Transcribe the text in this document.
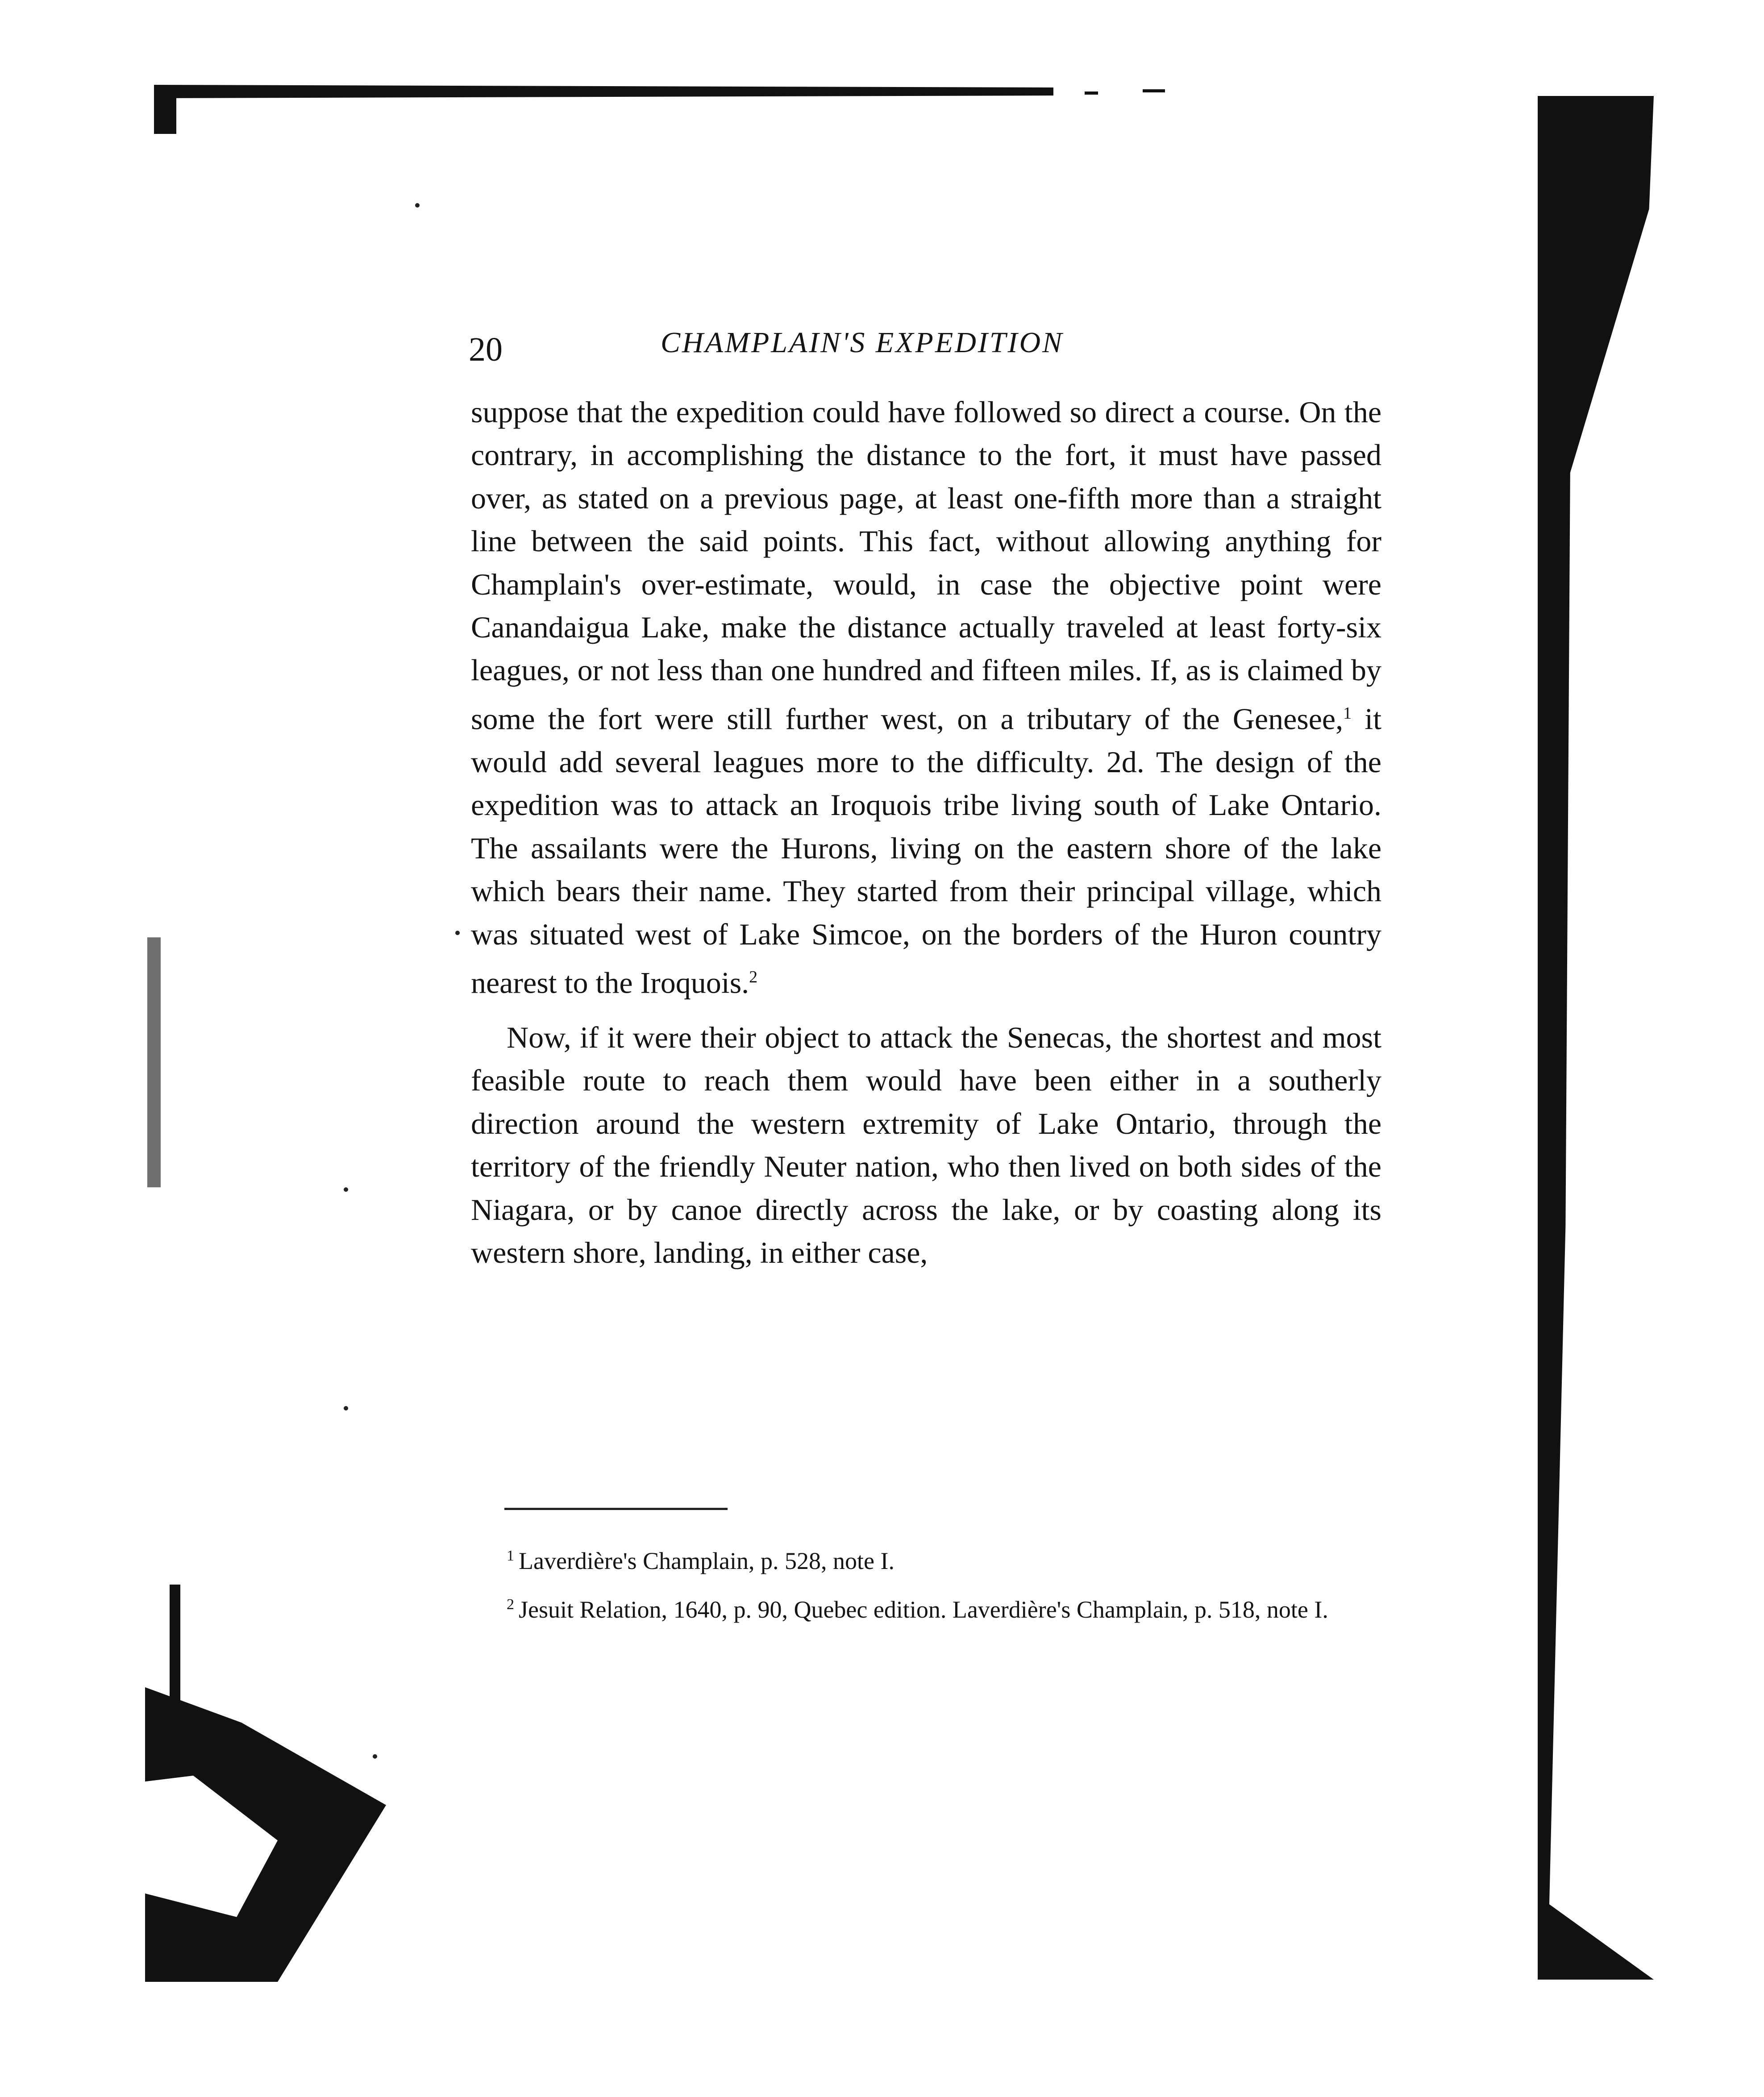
20	CHAMPLAIN'S EXPEDITION

suppose that the expedition could have followed so direct a course. On the contrary, in accomplishing the distance to the fort, it must have passed over, as stated on a previous page, at least one-fifth more than a straight line between the said points. This fact, without allowing anything for Champlain's over-estimate, would, in case the objective point were Canandaigua Lake, make the distance actually traveled at least forty-six leagues, or not less than one hundred and fifteen miles. If, as is claimed by some the fort were still further west, on a tributary of the Genesee,$^1$ it would add several leagues more to the difficulty. 2d. The design of the expedition was to attack an Iroquois tribe living south of Lake Ontario. The assailants were the Hurons, living on the eastern shore of the lake which bears their name. They started from their principal village, which was situated west of Lake Simcoe, on the borders of the Huron country nearest to the Iroquois.$^2$

Now, if it were their object to attack the Senecas, the shortest and most feasible route to reach them would have been either in a southerly direction around the western extremity of Lake Ontario, through the territory of the friendly Neuter nation, who then lived on both sides of the Niagara, or by canoe directly across the lake, or by coasting along its western shore, landing, in either case,

$^1$ Laverdière's Champlain, p. 528, note I.

$^2$ Jesuit Relation, 1640, p. 90, Quebec edition. Laverdière's Champlain, p. 518, note I.
